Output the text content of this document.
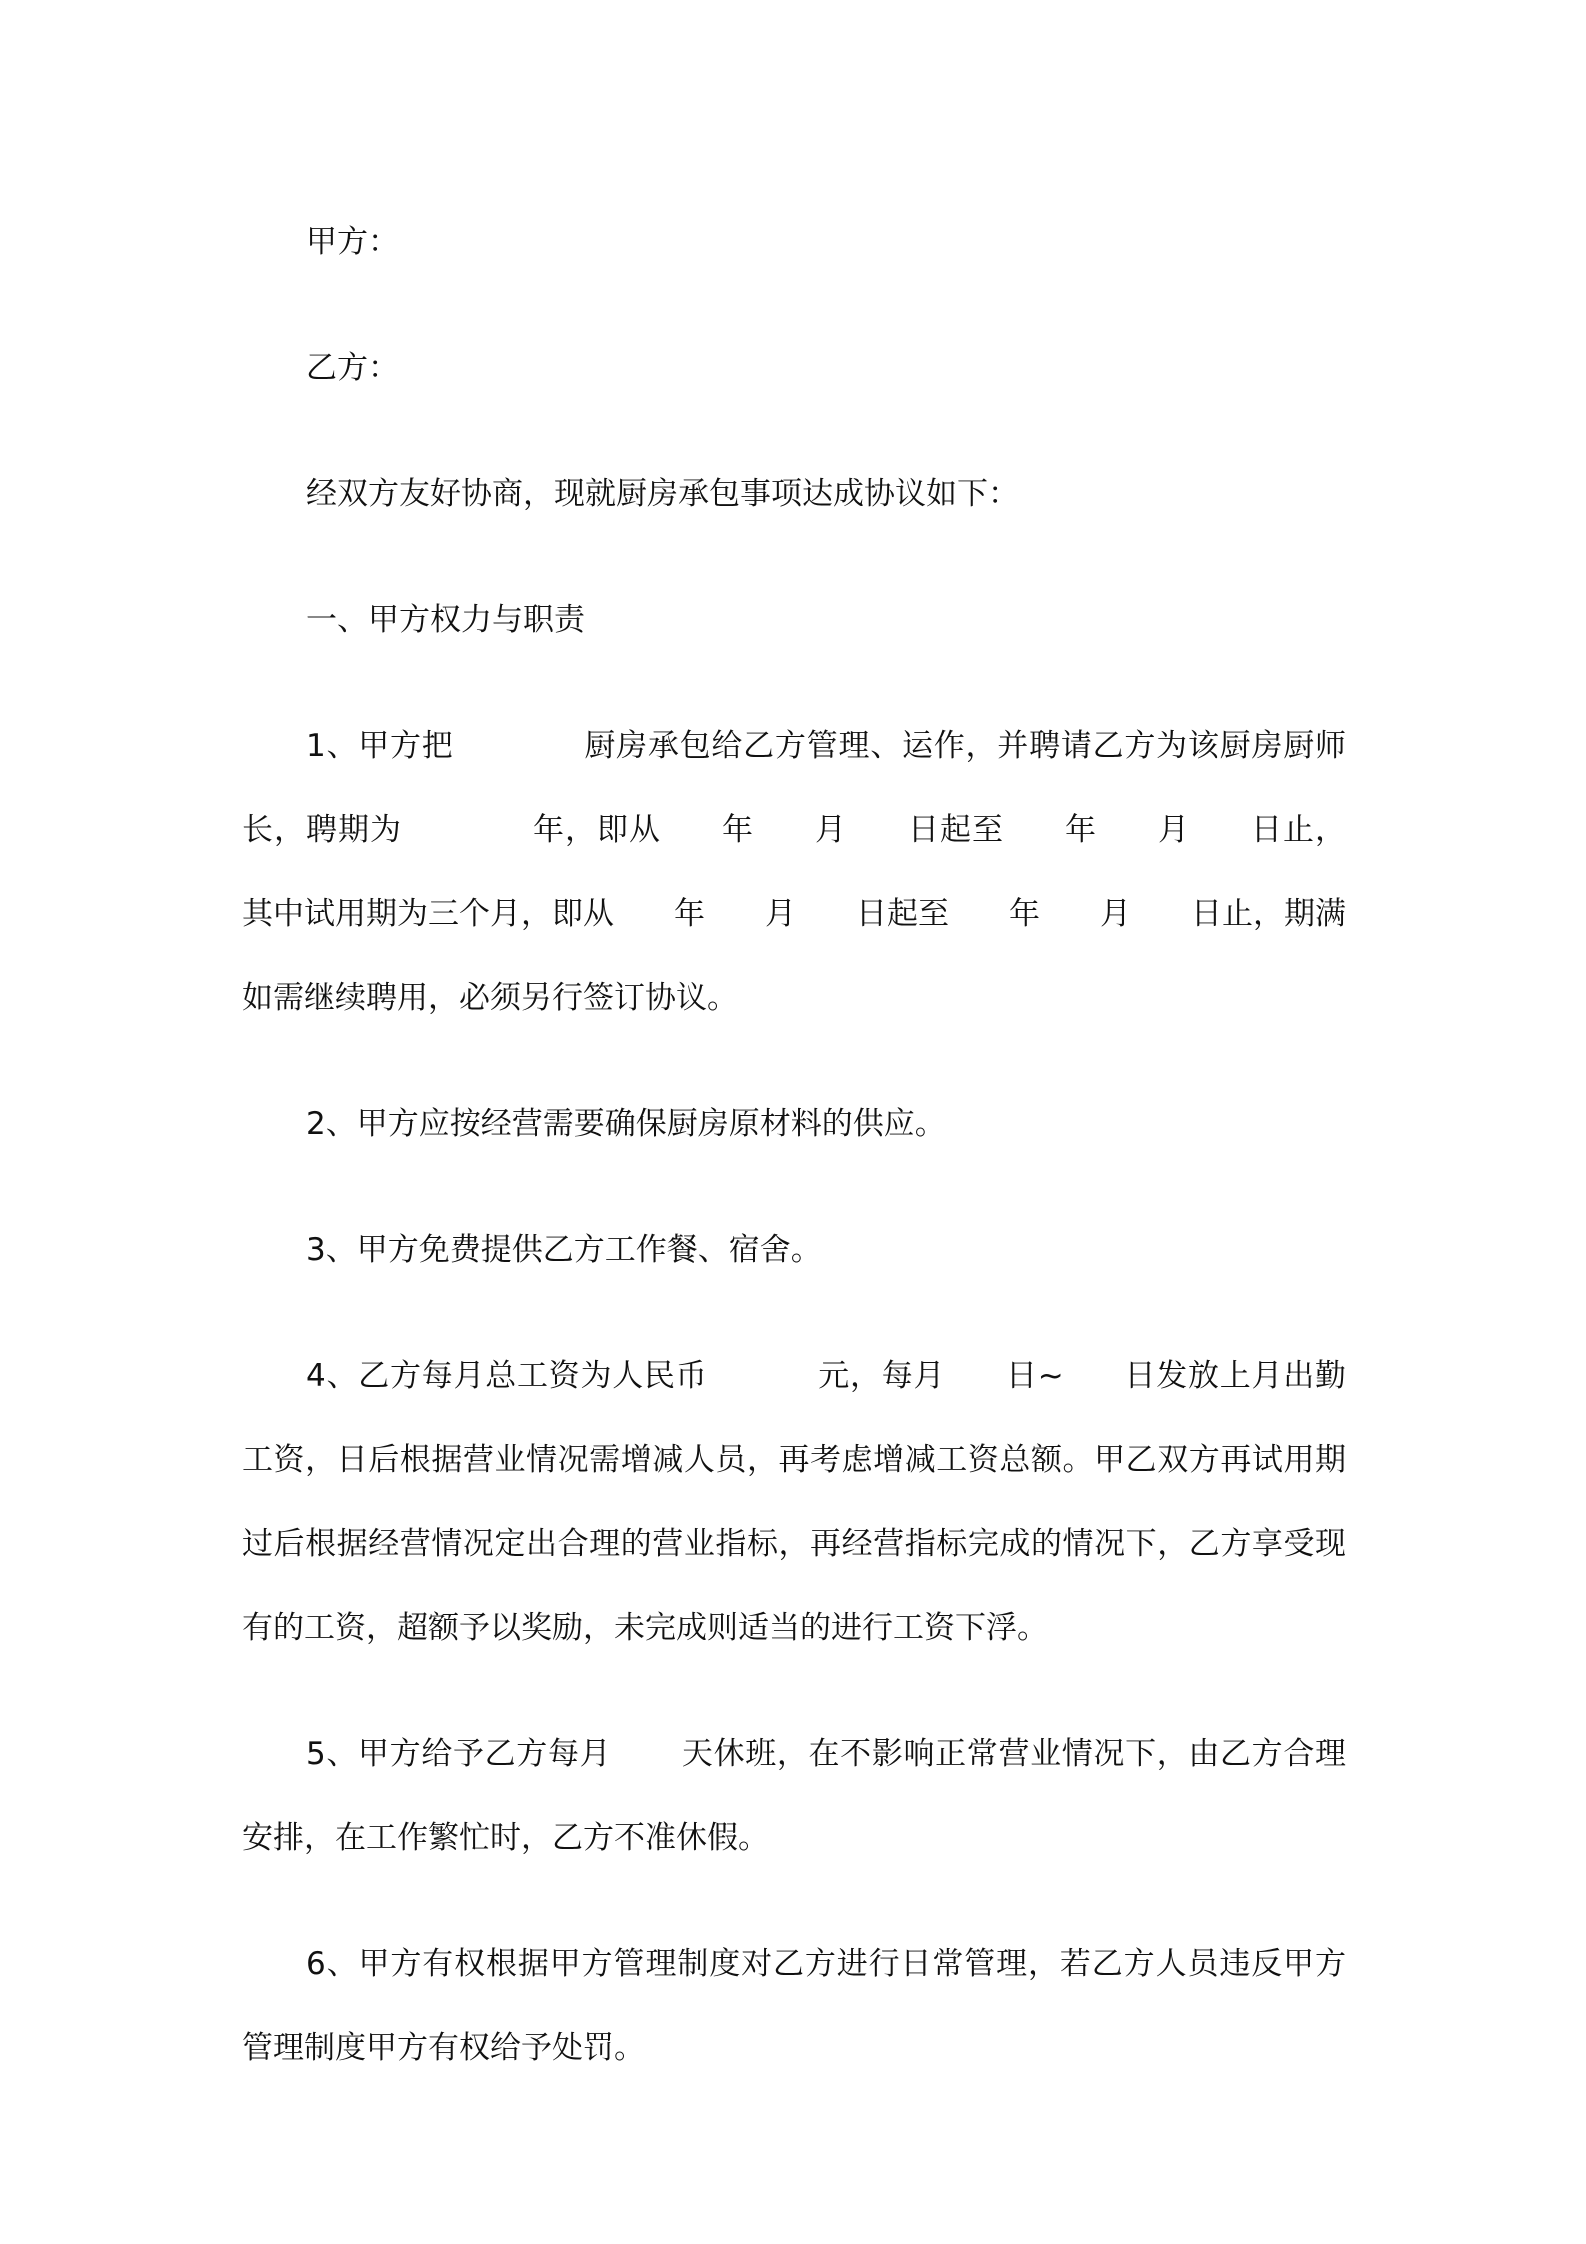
甲方：

乙方：

经双方友好协商，现就厨房承包事项达成协议如下：

一、甲方权力与职责

1、甲方把	厨房承包给乙方管理、运作，并聘请乙方为该厨房厨师长，聘期为	年，即从 年 月 日起至 年 月 日止，其中试用期为三个月，即从 年 月 日起至 年 月 日止，期满如需继续聘用，必须另行签订协议。

2、甲方应按经营需要确保厨房原材料的供应。

3、甲方免费提供乙方工作餐、宿舍。

4、乙方每月总工资为人民币	元，每月 日~ 日发放上月出勤工资，日后根据营业情况需增减人员，再考虑增减工资总额。甲乙双方再试用期过后根据经营情况定出合理的营业指标，再经营指标完成的情况下，乙方享受现有的工资，超额予以奖励，未完成则适当的进行工资下浮。

5、甲方给予乙方每月 天休班，在不影响正常营业情况下，由乙方合理安排，在工作繁忙时，乙方不准休假。

6、甲方有权根据甲方管理制度对乙方进行日常管理，若乙方人员违反甲方管理制度甲方有权给予处罚。
